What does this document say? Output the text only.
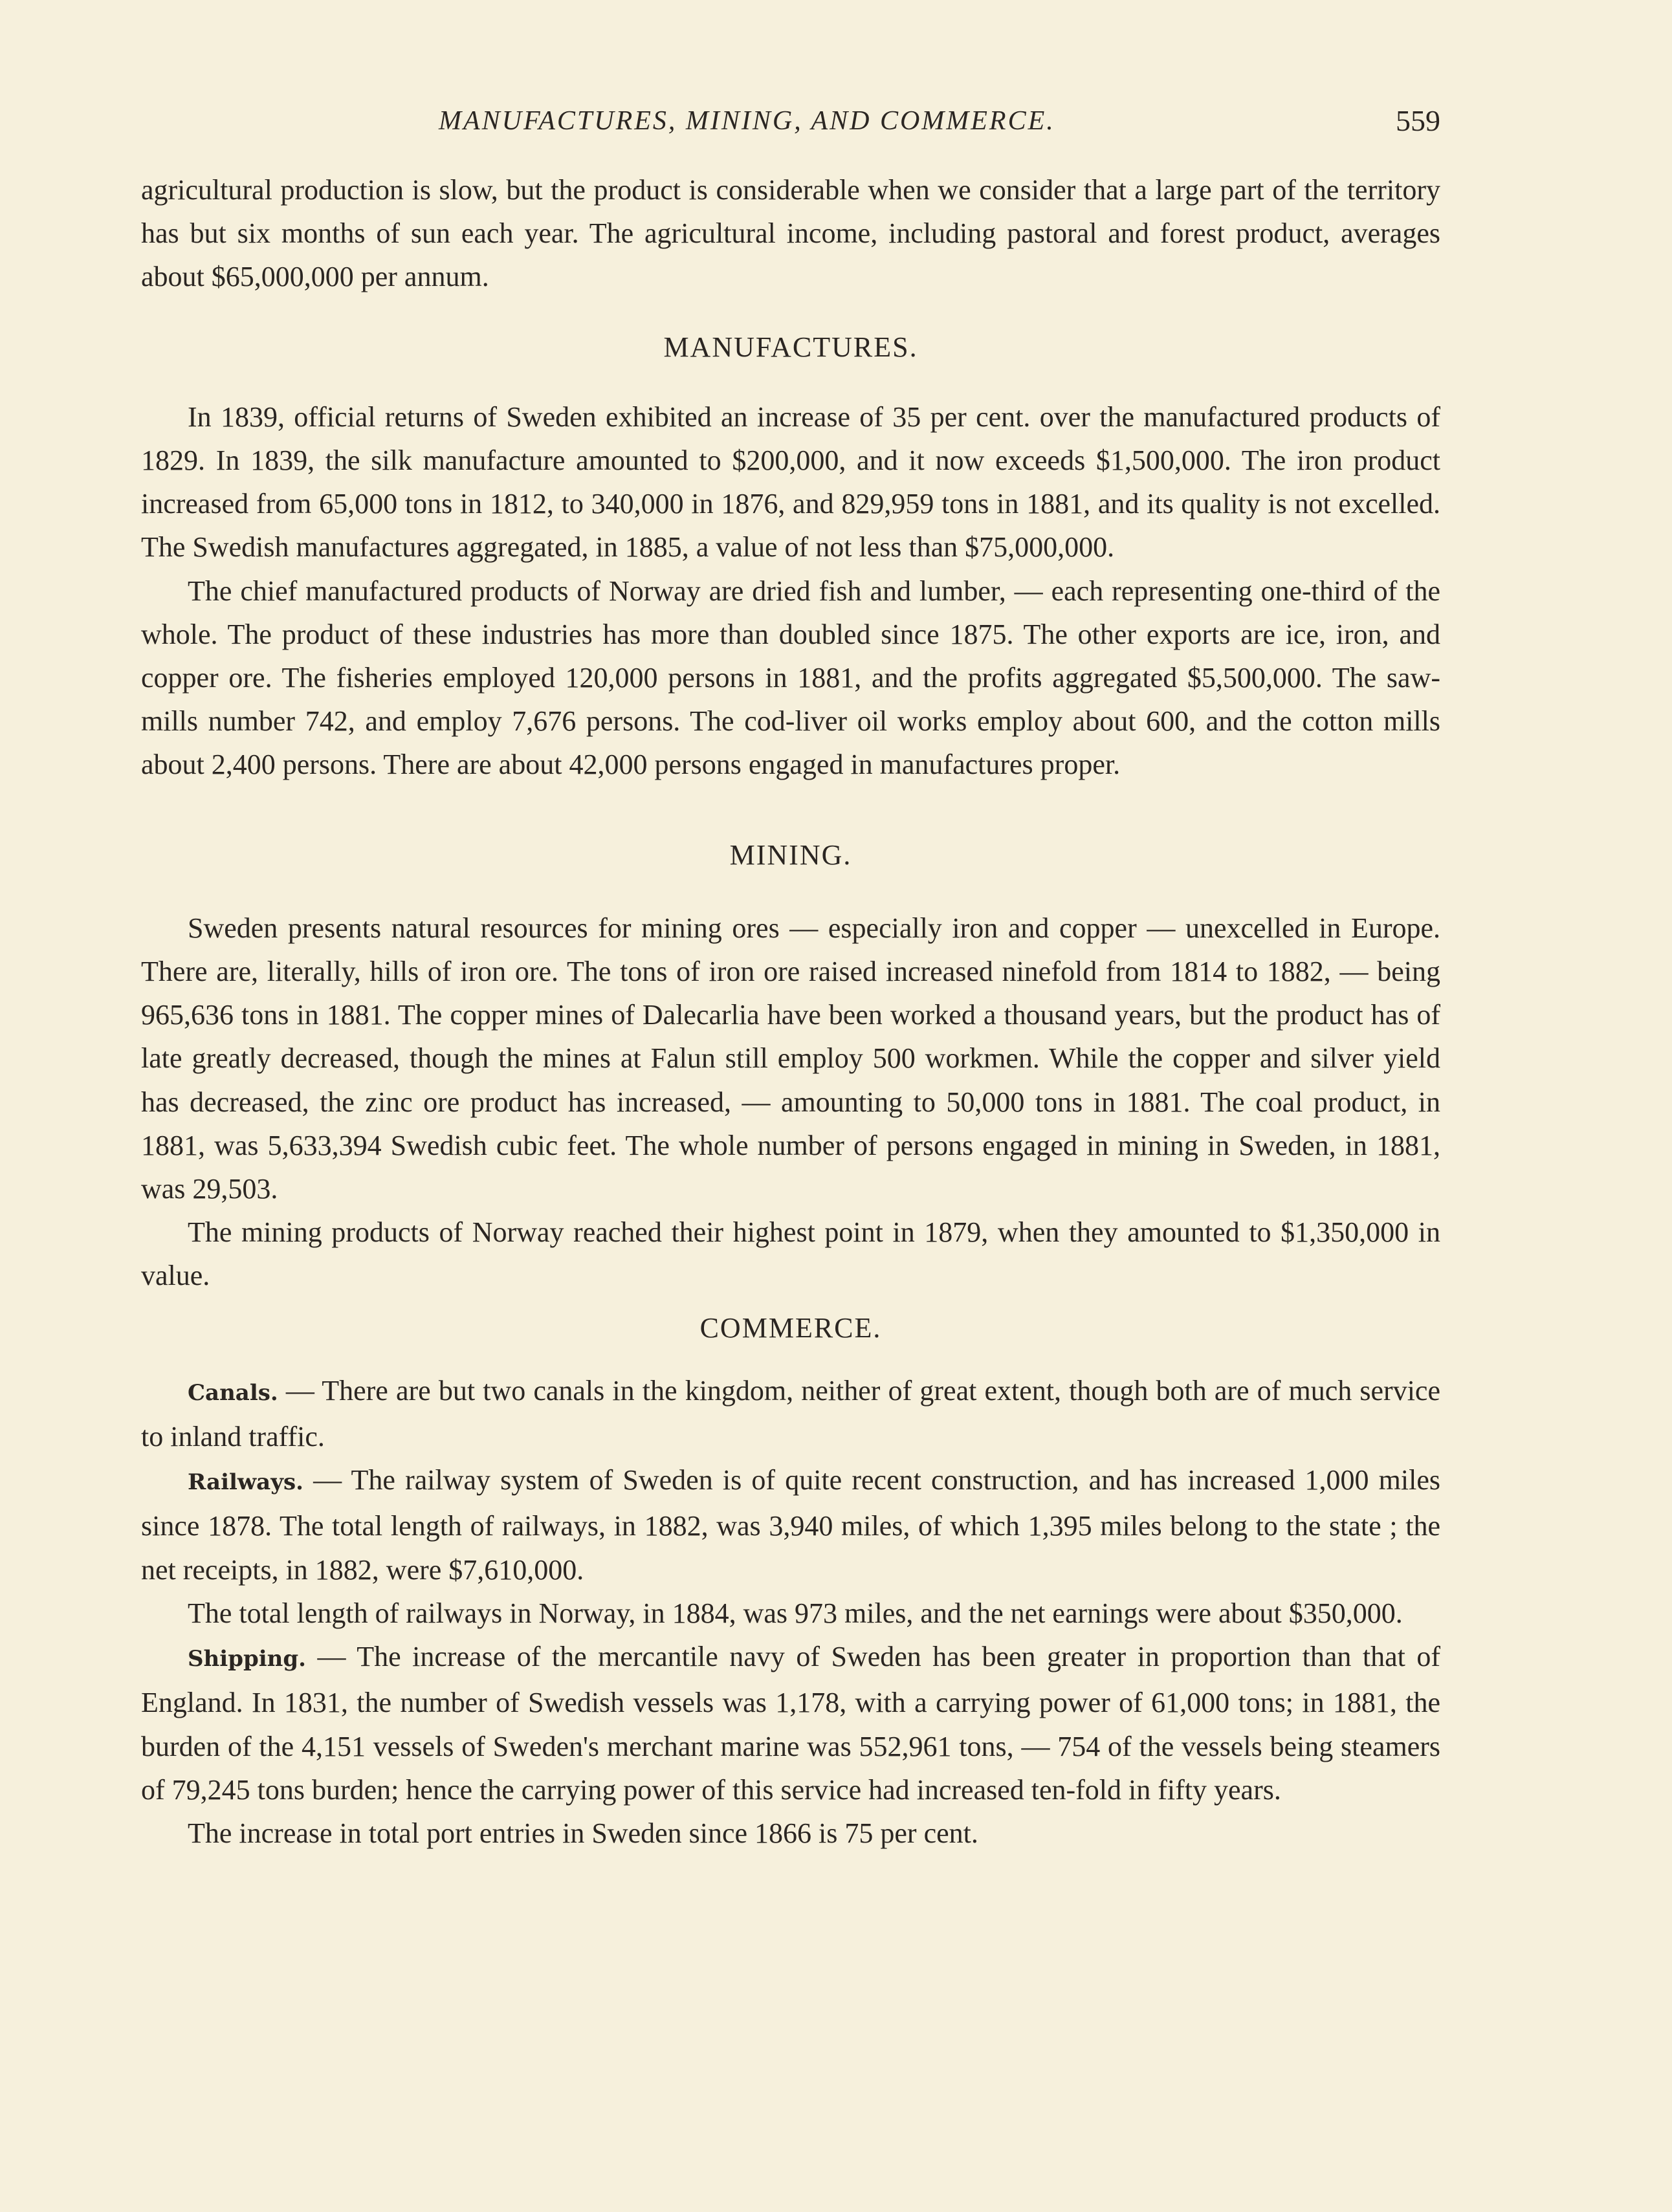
MANUFACTURES, MINING, AND COMMERCE.	559

agricultural production is slow, but the product is considerable when we consider that a large part of the territory has but six months of sun each year. The agricultural income, including pastoral and forest product, averages about $65,000,000 per annum.

MANUFACTURES.

In 1839, official returns of Sweden exhibited an increase of 35 per cent. over the manufactured products of 1829. In 1839, the silk manufacture amounted to $200,000, and it now exceeds $1,500,000. The iron product increased from 65,000 tons in 1812, to 340,000 in 1876, and 829,959 tons in 1881, and its quality is not excelled. The Swedish manufactures aggregated, in 1885, a value of not less than $75,000,000.

The chief manufactured products of Norway are dried fish and lumber, — each representing one-third of the whole. The product of these industries has more than doubled since 1875. The other exports are ice, iron, and copper ore. The fisheries employed 120,000 persons in 1881, and the profits aggregated $5,500,000. The saw-mills number 742, and employ 7,676 persons. The cod-liver oil works employ about 600, and the cotton mills about 2,400 persons. There are about 42,000 persons engaged in manufactures proper.

MINING.

Sweden presents natural resources for mining ores — especially iron and copper — unexcelled in Europe. There are, literally, hills of iron ore. The tons of iron ore raised increased ninefold from 1814 to 1882, — being 965,636 tons in 1881. The copper mines of Dalecarlia have been worked a thousand years, but the product has of late greatly decreased, though the mines at Falun still employ 500 workmen. While the copper and silver yield has decreased, the zinc ore product has increased, — amounting to 50,000 tons in 1881. The coal product, in 1881, was 5,633,394 Swedish cubic feet. The whole number of persons engaged in mining in Sweden, in 1881, was 29,503.

The mining products of Norway reached their highest point in 1879, when they amounted to $1,350,000 in value.

COMMERCE.

Canals. — There are but two canals in the kingdom, neither of great extent, though both are of much service to inland traffic.

Railways. — The railway system of Sweden is of quite recent construction, and has increased 1,000 miles since 1878. The total length of railways, in 1882, was 3,940 miles, of which 1,395 miles belong to the state ; the net receipts, in 1882, were $7,610,000.

The total length of railways in Norway, in 1884, was 973 miles, and the net earnings were about $350,000.

Shipping. — The increase of the mercantile navy of Sweden has been greater in proportion than that of England. In 1831, the number of Swedish vessels was 1,178, with a carrying power of 61,000 tons; in 1881, the burden of the 4,151 vessels of Sweden's merchant marine was 552,961 tons, — 754 of the vessels being steamers of 79,245 tons burden; hence the carrying power of this service had increased ten-fold in fifty years.

The increase in total port entries in Sweden since 1866 is 75 per cent.
